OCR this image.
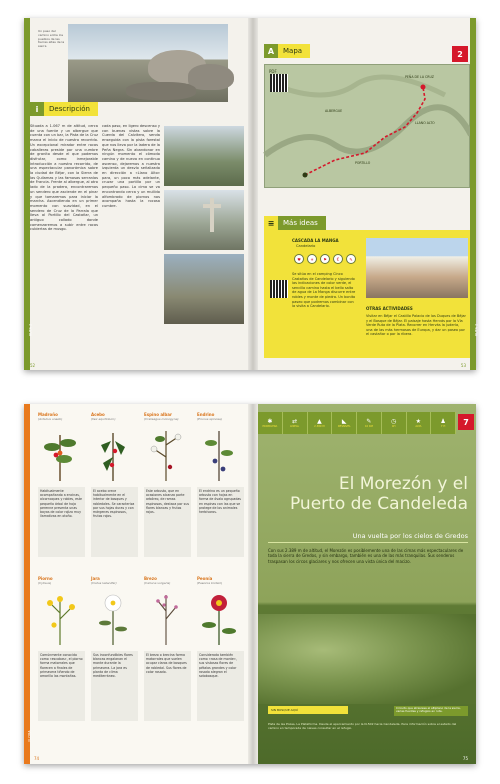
RUTA 2
Un paso del camino entre los pueblos de las tierras altas de la sierra
i	Descripción
Situada a 1.067 m de altitud, cerca de una fuente y un albergue que cuenta con un bar, la Pista de la Cruz marca el inicio de nuestro recorrido. Un excepcional mirador entre rocas caballeras preside por una cumbre de granito desde el que podemos disfrutar, como inmejorable introducción a nuestro recorrido, de una espectacular panorámica sobre la ciudad de Béjar, con la Sierra de las Quilamas y las famosas serranías de Francia. Frente al albergue, al otro lado de la pradera, encontraremos un sendero que asciende en el pinar y que tomaremos para iniciar la marcha. Ascendiendo en un primer momento con suavidad, en el sendero de Cruz de la Parrala que lleva al Portillo del Castañar, un antiguo collado donde comenzaremos a subir entre rocas cubiertas de musgo.
cada paso, en ligero descenso y con buenas vistas sobre la Cuerda del Calvitero, senda enseguida con la pista forestal que nos lleva por la ladera de la Peña Negra. Sin abandonar en ningún momento el cómodo camino y de nuevo en continuo ascenso, dejaremos a nuestra izquierda un desvío señalizado en dirección a «Llano Alto» para, un poco más adelante, cruzar una portilla por un pequeño paso. La cima se va encontrando cerca y un mullido alfombrado de piornos nos acompaña hasta la rocosa cumbre.
52
A	Mapa	2
PDF
PEÑA DE LA CRUZ
ALBERGUE
LLANO ALTO
PORTILLO
≡	Más ideas
CASCADA LA MANGA
Candelario
♥	☀	⚑	€	✎
Se sitúa en el camping Cinco Castaños de Candelario y siguiendo las indicaciones de color verde, el sencillo camino hasta el bello salto de agua de La Manga discurre entre robles y monte de piedra. Un bonito paseo que podremos combinar con la visita a Candelario.	OTRAS ACTIVIDADES
Visitar en Béjar el Castillo Palacio de los Duques de Béjar y el Bosque de Béjar. El paisaje hasta Hervás por la Vía Verde Ruta de la Plata. Recorrer en Hervás la judería, una de las más hermosas de Europa, y dar un paseo por el castañar o por la ribera.
53
RUTA 2
FLORA
Madroño
(Arbutus unedo)
Habitualmente acompañando a encinas, alcornoques y robles, este pequeño árbol de hoja perenne presenta unas bayas de color rojizo muy llamativas en otoño.
Acebo
(Ilex aquifolium)
El acebo crece habitualmente en el interior de bosques y robledales. Se caracteriza por sus hojas duras y con márgenes espinosos, frutos rojos.
Espino albar
(Crataegus monogyna)
Este arbusto, que en ocasiones alcanza porte arbóreo, de ramas espinosas, destaca por sus flores blancas y frutos rojos.
Endrino
(Prunus spinosa)
El endrino es un pequeño arbusto con hojas en forma de óvalo agrupadas en espinas con las que se protege de los animales herbívoros.
Piorno
(Cytisus)
Comúnmente conocido como «escobas», el piorno forma matorrales que florecen a finales de primavera tiñendo de amarillo las montañas.
Jara
(Cistus ladanifer)
Sus inconfundibles flores blancas engalanan el monte durante la primavera. La jara es planta de clima mediterráneo.
Brezo
(Calluna vulgaris)
El brezo o brecina forma matorrales que suelen ocupar claros de bosques de robledal. Sus flores de color rosado.
Peonía
(Paeonia broteri)
Considerada también como «rosa de monte», sus vistosas flores de pétalos grandes y color rosado alegran el sotobosque.
74
✱
PRIMAVERA
⇄
LINEAL
▲
2.389 M
◣
DESNIVEL
✎
10 KM
◷
4H
★
ALTA
♟
7 H	7
El Morezón y el
Puerto de Candeleda
Una vuelta por los cielos de Gredos
Con sus 2.389 m de altitud, el Morezón es posiblemente una de las cimas más espectaculares de toda la sierra de Gredos, y sin embargo, también es una de las más tranquilas. Sus senderos traspasan los circos glaciares y nos ofrecen una vista única del macizo.
SIN BOSQUE AQUÍ	Circuito que atraviesa el altiplano de la sierra, varias fuentes y refugios en ruta.
Pista de las Pozas, La Plataforma. Desde el aparcamiento por la N-502 hacia Candeleda. Para información sobre el estado del camino en temporada de nieves consultar en el refugio.
75
